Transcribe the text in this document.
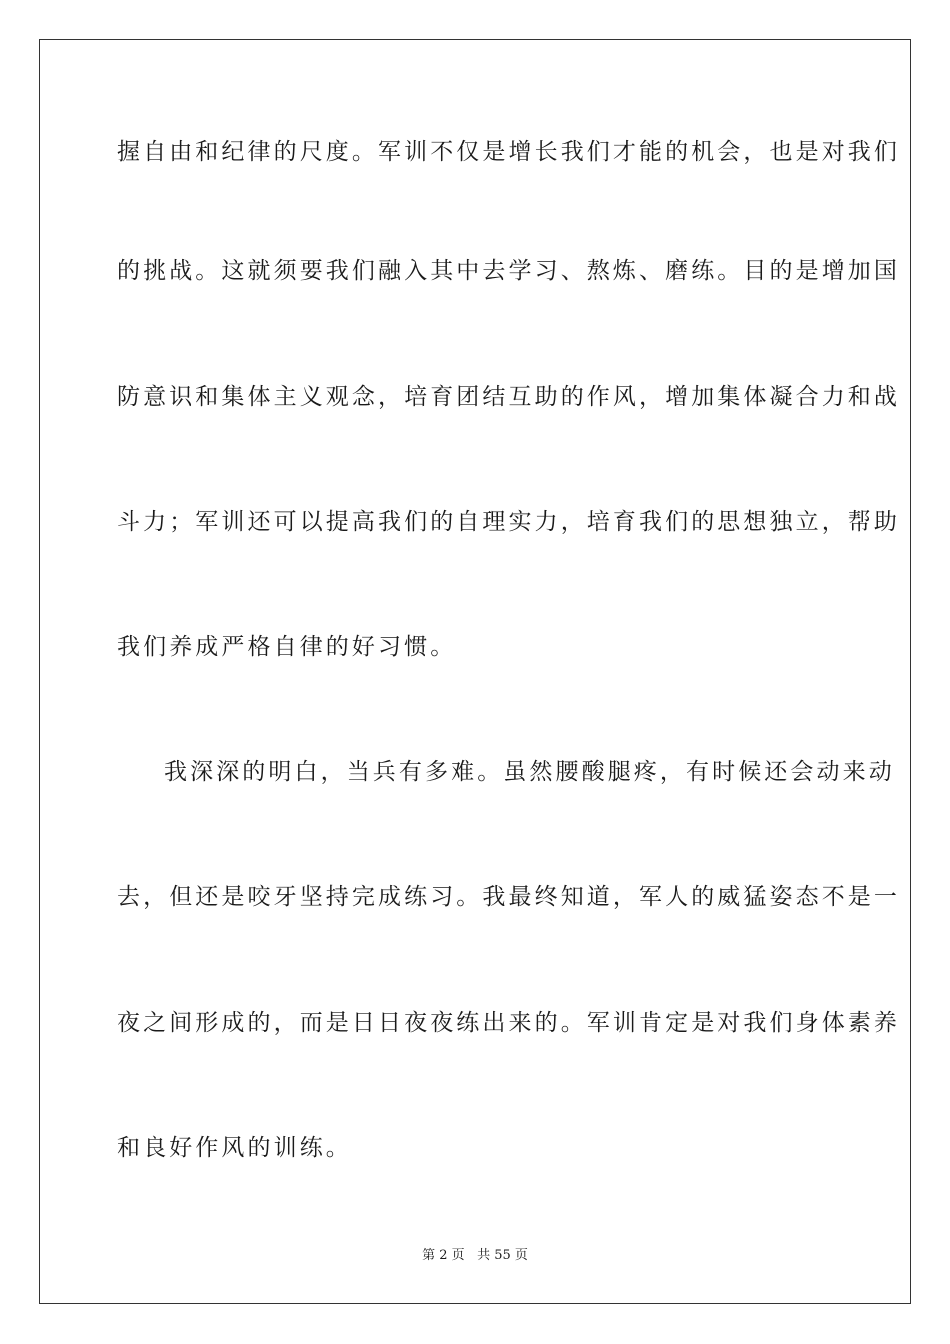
握自由和纪律的尺度。军训不仅是增长我们才能的机会，也是对我们
的挑战。这就须要我们融入其中去学习、熬炼、磨练。目的是增加国
防意识和集体主义观念，培育团结互助的作风，增加集体凝合力和战
斗力；军训还可以提高我们的自理实力，培育我们的思想独立，帮助
我们养成严格自律的好习惯。
我深深的明白，当兵有多难。虽然腰酸腿疼，有时候还会动来动
去，但还是咬牙坚持完成练习。我最终知道，军人的威猛姿态不是一
夜之间形成的，而是日日夜夜练出来的。军训肯定是对我们身体素养
和良好作风的训练。
第 2 页 共 55 页
